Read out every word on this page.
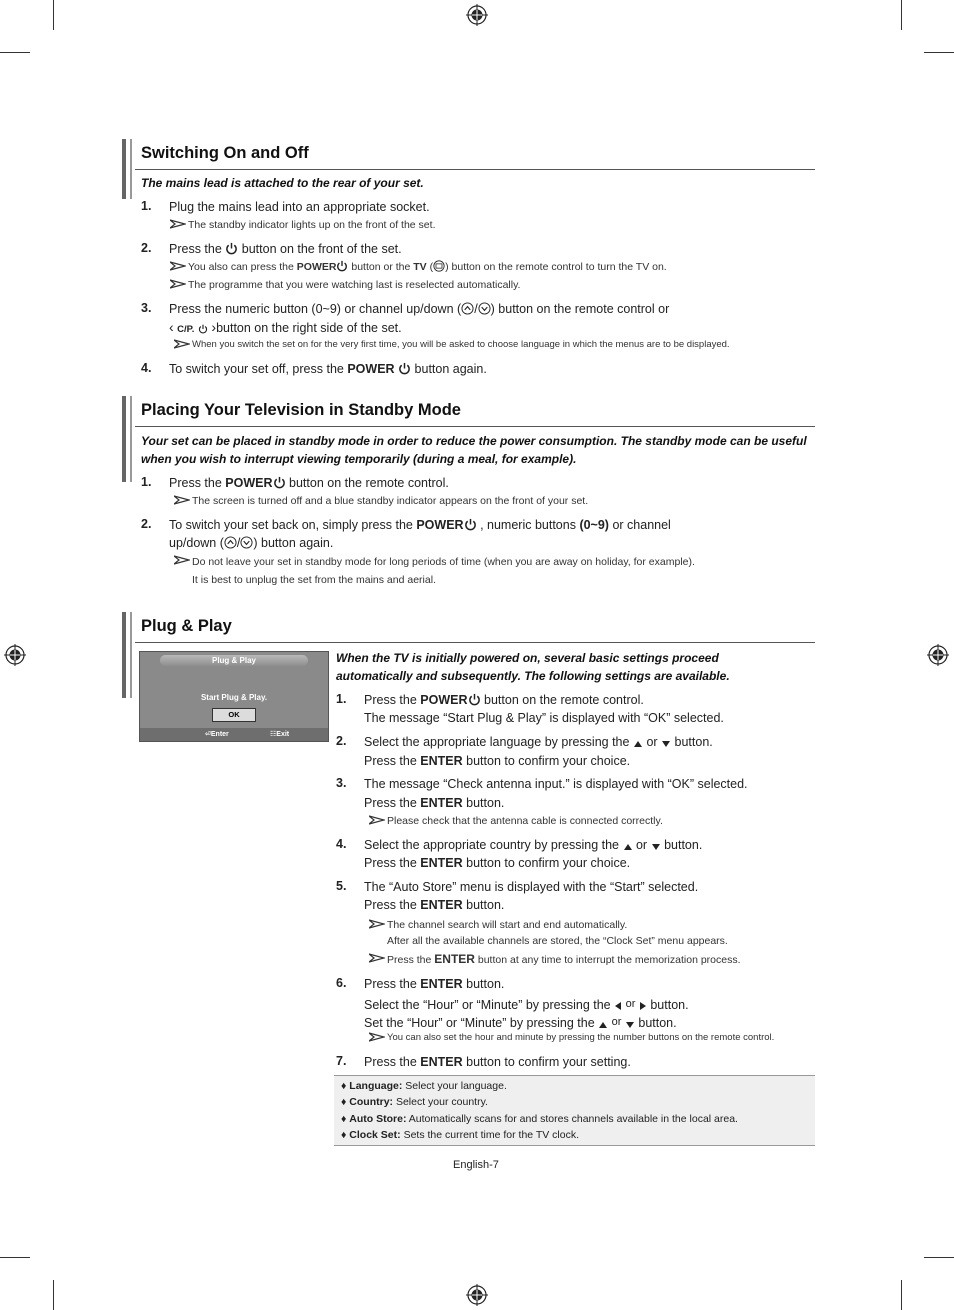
Switching On and Off
The mains lead is attached to the rear of your set.
1. Plug the mains lead into an appropriate socket.
The standby indicator lights up on the front of the set.
2. Press the button on the front of the set.
You also can press the POWER button or the TV ( ) button on the remote control to turn the TV on.
The programme that you were watching last is reselected automatically.
3. Press the numeric button (0~9) or channel up/down ( / ) button on the remote control or
‹ C/P. ›button on the right side of the set.
When you switch the set on for the very first time, you will be asked to choose language in which the menus are to be displayed.
4. To switch your set off, press the POWER button again.
Placing Your Television in Standby Mode
Your set can be placed in standby mode in order to reduce the power consumption. The standby mode can be useful
when you wish to interrupt viewing temporarily (during a meal, for example).
1. Press the POWER button on the remote control.
The screen is turned off and a blue standby indicator appears on the front of your set.
2. To switch your set back on, simply press the POWER , numeric buttons (0~9) or channel
up/down ( / ) button again.
Do not leave your set in standby mode for long periods of time (when you are away on holiday, for example).
It is best to unplug the set from the mains and aerial.
Plug & Play
Plug & Play
Start Plug & Play.
OK
⏎Enter	☷Exit
When the TV is initially powered on, several basic settings proceed
automatically and subsequently. The following settings are available.
1. Press the POWER button on the remote control.
The message “Start Plug & Play” is displayed with “OK” selected.
2. Select the appropriate language by pressing the or button.
Press the ENTER button to confirm your choice.
3. The message “Check antenna input.” is displayed with “OK” selected.
Press the ENTER button.
Please check that the antenna cable is connected correctly.
4. Select the appropriate country by pressing the or button.
Press the ENTER button to confirm your choice.
5. The “Auto Store” menu is displayed with the “Start” selected.
Press the ENTER button.
The channel search will start and end automatically.
After all the available channels are stored, the “Clock Set” menu appears.
Press the ENTER button at any time to interrupt the memorization process.
6. Press the ENTER button.
Select the “Hour” or “Minute” by pressing the or button.
Set the “Hour” or “Minute” by pressing the or button.
You can also set the hour and minute by pressing the number buttons on the remote control.
7. Press the ENTER button to confirm your setting.
♦ Language: Select your language.
♦ Country: Select your country.
♦ Auto Store: Automatically scans for and stores channels available in the local area.
♦ Clock Set: Sets the current time for the TV clock.
English-7
